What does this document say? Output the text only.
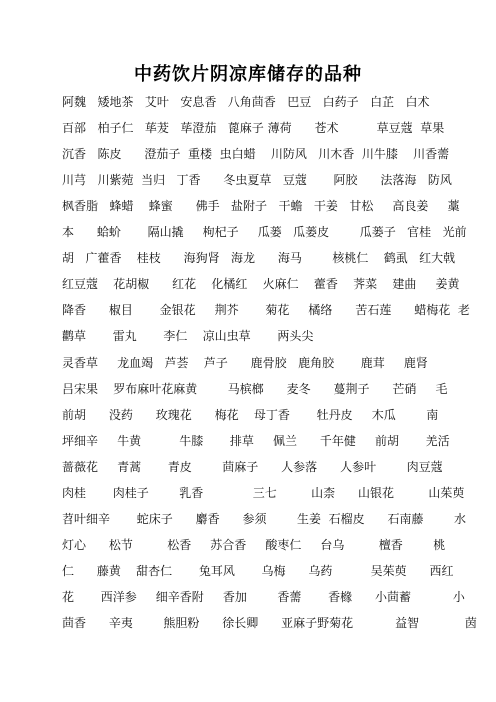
中药饮片阴凉库储存的品种
阿魏   矮地茶   艾叶   安息香   八角茴香   巴豆   白药子   白芷   白术
百部   柏子仁   荜茇   荜澄茄   蓖麻子 薄荷      苍术          草豆蔻  草果
沉香   陈皮      澄茄子  重楼  虫白蜡    川防风   川木香  川牛膝    川香薷
川芎   川紫菀  当归   丁香      冬虫夏草   豆蔻       阿胶      法落海   防风
枫香脂   蜂蜡    蜂蜜      佛手   盐附子   干蟾   干姜   甘松     高良姜     藁
本      蛤蚧       隔山撬     枸杞子     瓜蒌   瓜蒌皮        瓜蒌子   官桂   光前
胡   广藿香    桂枝      海狗肾   海龙      海马        核桃仁    鹤虱   红大戟
红豆蔻    花胡椒      红花    化橘红    火麻仁    藿香    荠菜    建曲     姜黄
降香      椒目       金银花     荆芥       菊花     橘络      苦石莲      蜡梅花  老
鹳草       雷丸       李仁    凉山虫草       两头尖
灵香草     龙血竭   芦荟    芦子      鹿骨胶   鹿角胶       鹿茸     鹿肾
吕宋果    罗布麻叶花麻黄        马槟榔      麦冬      蔓荆子      芒硝     毛
前胡      没药      玫瑰花      梅花    母丁香       牡丹皮     木瓜        南
坪细辛     牛黄          牛膝       排草     佩兰      千年健     前胡       羌活
蔷薇花     青蒿       青皮        茴麻子      人参落      人参叶        肉豆蔻
肉桂       肉桂子        乳香             三七         山柰      山银花         山茱萸
苕叶细辛       蛇床子      麝香      参须        生姜  石榴皮      石南藤        水
灯心      松节         松香     苏合香     酸枣仁     台乌         檀香        桃
仁      藤黄    甜杏仁       兔耳风       乌梅      乌药          吴茱萸      西红
花       西洋参     细辛香附     香加        香薷       香橼      小茴蓄           小
茴香      辛夷        熊胆粉      徐长卿      亚麻子野菊花           益智            茵
